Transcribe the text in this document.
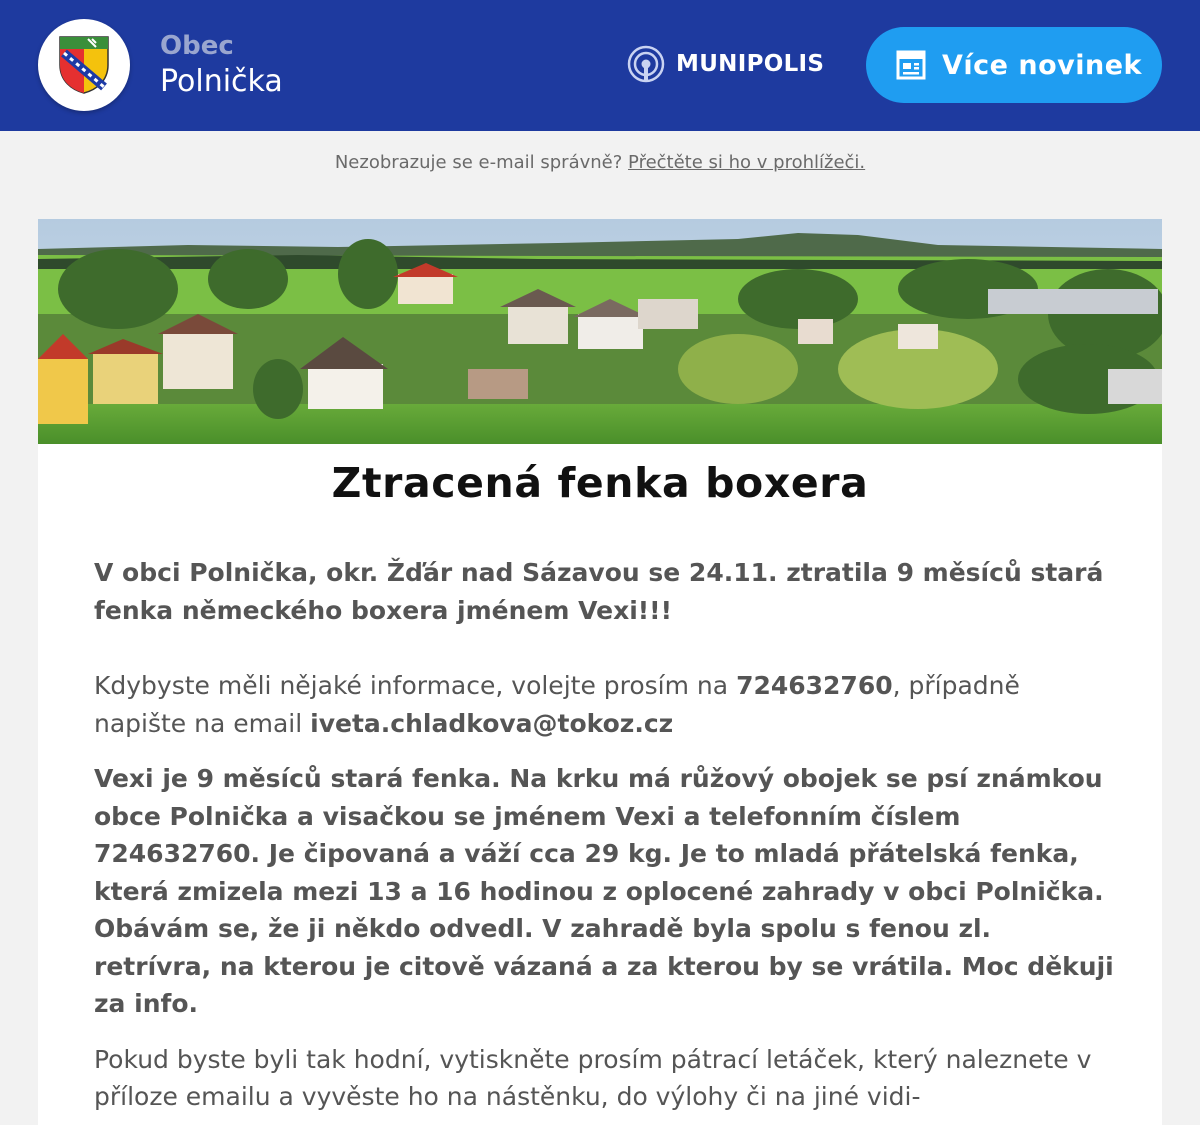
Obec
Polnička	MUNIPOLIS	Více novinek
Nezobrazuje se e-mail správně? Přečtěte si ho v prohlížeči.
Ztracená fenka boxera

V obci Polnička, okr. Žďár nad Sázavou se 24.11. ztratila 9 měsíců stará fenka německého boxera jménem Vexi!!!

Kdybyste měli nějaké informace, volejte prosím na 724632760, případně napište na email iveta.chladkova@tokoz.cz

Vexi je 9 měsíců stará fenka. Na krku má růžový obojek se psí známkou obce Polnička a visačkou se jménem Vexi a telefonním číslem 724632760. Je čipovaná a váží cca 29 kg. Je to mladá přátelská fenka, která zmizela mezi 13 a 16 hodinou z oplocené zahrady v obci Polnička. Obávám se, že ji někdo odvedl. V zahradě byla spolu s fenou zl. retrívra, na kterou je citově vázaná a za kterou by se vrátila. Moc děkuji za info.

Pokud byste byli tak hodní, vytiskněte prosím pátrací letáček, který naleznete v příloze emailu a vyvěste ho na nástěnku, do výlohy či na jiné vidi-
